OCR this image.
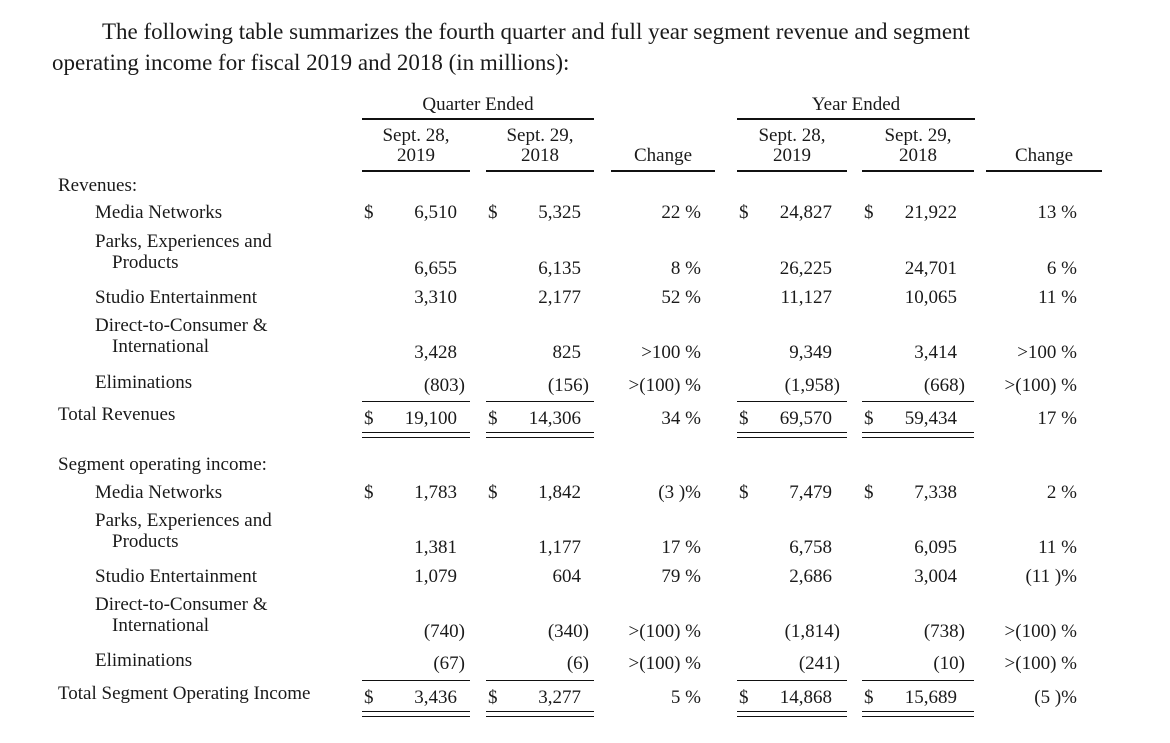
The following table summarizes the fourth quarter and full year segment revenue and segment
operating income for fiscal 2019 and 2018 (in millions):
Quarter Ended	Year Ended
Sept. 28,
2019
Sept. 29,
2018	Change
Sept. 28,
2019
Sept. 29,
2018	Change
Revenues:
Media Networks	$	6,510 $	5,325	22 % $	24,827 $	21,922	13 %
Parks, Experiences and
Products	6,655	6,135	8 %	26,225	24,701	6 %
Studio Entertainment	3,310	2,177	52 %	11,127	10,065	11 %
Direct-to-Consumer &
International	3,428	825	>100 %	9,349	3,414	>100 %
Eliminations	(803)	(156)	>(100) %	(1,958)	(668)	>(100) %
Total Revenues	$	19,100 $	14,306	34 % $	69,570 $	59,434	17 %
Segment operating income:
Media Networks	$	1,783 $	1,842	(3 )% $	7,479 $	7,338	2 %
Parks, Experiences and
Products	1,381	1,177	17 %	6,758	6,095	11 %
Studio Entertainment	1,079	604	79 %	2,686	3,004	(11 )%
Direct-to-Consumer &
International	(740)	(340)	>(100) %	(1,814)	(738)	>(100) %
Eliminations	(67)	(6)	>(100) %	(241)	(10)	>(100) %
Total Segment Operating Income	$	3,436 $	3,277	5 % $	14,868 $	15,689	(5 )%
